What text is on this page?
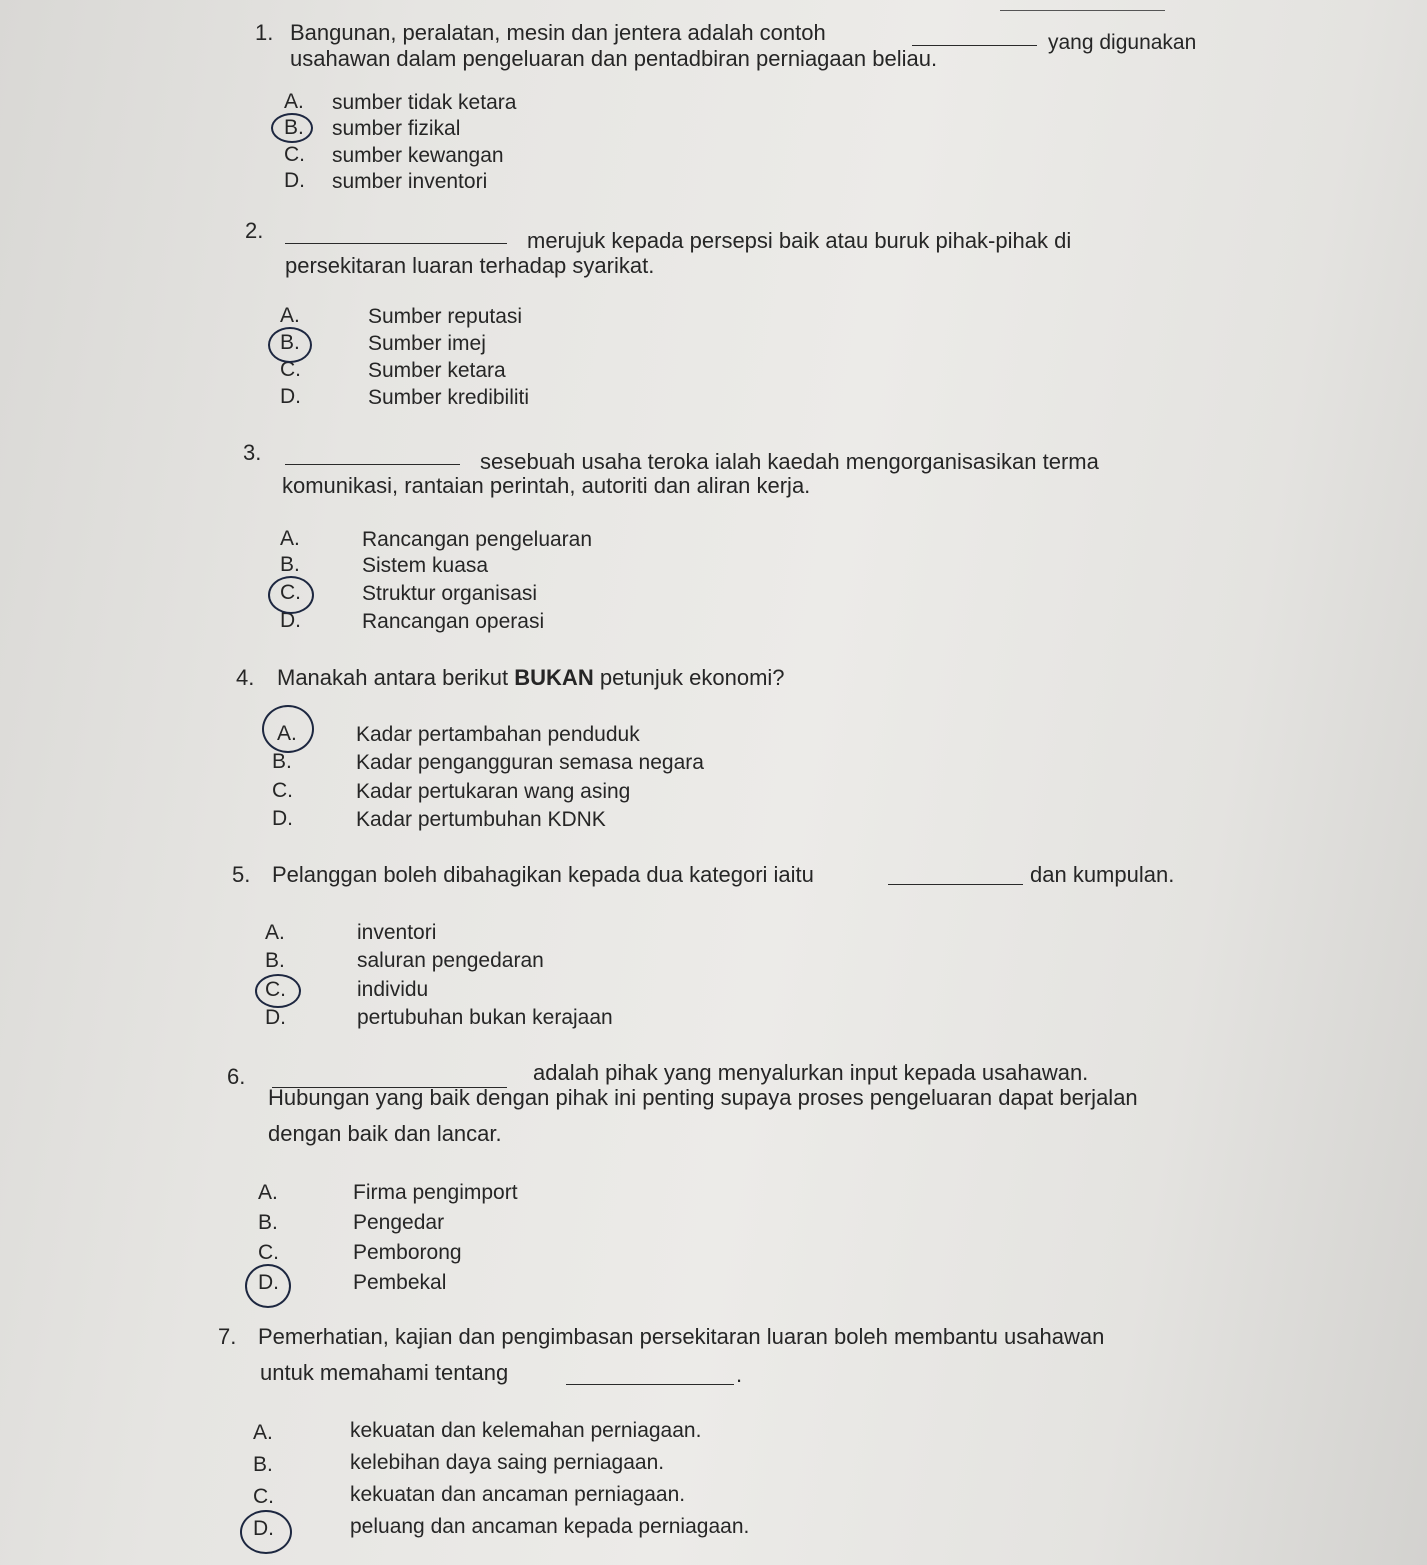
1. Bangunan, peralatan, mesin dan jentera adalah contoh	yang digunakan
usahawan dalam pengeluaran dan pentadbiran perniagaan beliau.
A. sumber tidak ketara
B. sumber fizikal
C. sumber kewangan
D. sumber inventori
2.	merujuk kepada persepsi baik atau buruk pihak-pihak di
persekitaran luaran terhadap syarikat.
A.	Sumber reputasi
B.	Sumber imej
C.	Sumber ketara
D.	Sumber kredibiliti
3.	sesebuah usaha teroka ialah kaedah mengorganisasikan terma
komunikasi, rantaian perintah, autoriti dan aliran kerja.
A.	Rancangan pengeluaran
B.	Sistem kuasa
C.	Struktur organisasi
D.	Rancangan operasi
4. Manakah antara berikut BUKAN petunjuk ekonomi?
A.	Kadar pertambahan penduduk
B.	Kadar pengangguran semasa negara
C.	Kadar pertukaran wang asing
D.	Kadar pertumbuhan KDNK
5. Pelanggan boleh dibahagikan kepada dua kategori iaitu	dan kumpulan.
A.	inventori
B.	saluran pengedaran
C.	individu
D.	pertubuhan bukan kerajaan
6.	adalah pihak yang menyalurkan input kepada usahawan.
Hubungan yang baik dengan pihak ini penting supaya proses pengeluaran dapat berjalan
dengan baik dan lancar.
A.	Firma pengimport
B.	Pengedar
C.	Pemborong
D.	Pembekal
7. Pemerhatian, kajian dan pengimbasan persekitaran luaran boleh membantu usahawan
untuk memahami tentang	.
A.	kekuatan dan kelemahan perniagaan.
B.	kelebihan daya saing perniagaan.
C.	kekuatan dan ancaman perniagaan.
D.	peluang dan ancaman kepada perniagaan.
